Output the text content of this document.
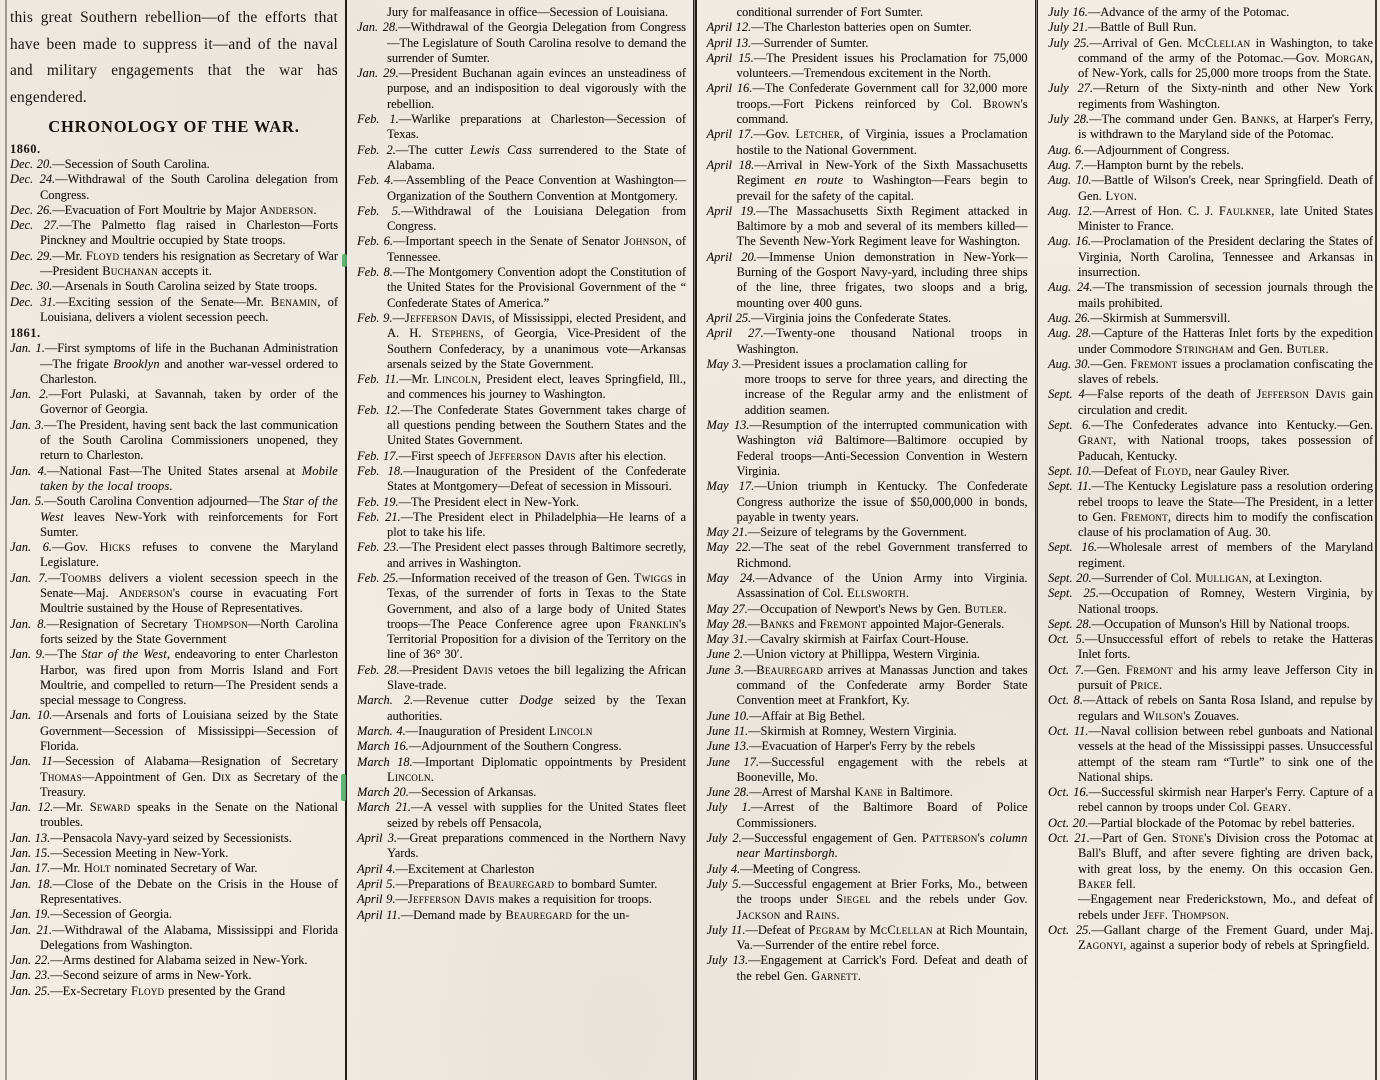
this great Southern rebellion—of the efforts that have been made to suppress it—and of the naval and military engagements that the war has engendered.

CHRONOLOGY OF THE WAR.

1860.

Dec. 20.—Secession of South Carolina.

Dec. 24.—Withdrawal of the South Carolina delegation from Congress.

Dec. 26.—Evacuation of Fort Moultrie by Major Anderson.

Dec. 27.—The Palmetto flag raised in Charleston—Forts Pinckney and Moultrie occupied by State troops.

Dec. 29.—Mr. Floyd tenders his resignation as Secretary of War—President Buchanan accepts it.

Dec. 30.—Arsenals in South Carolina seized by State troops.

Dec. 31.—Exciting session of the Senate—Mr. Benamin, of Louisiana, delivers a violent secession peech.

1861.

Jan. 1.—First symptoms of life in the Buchanan Administration—The frigate Brooklyn and another war-vessel ordered to Charleston.

Jan. 2.—Fort Pulaski, at Savannah, taken by order of the Governor of Georgia.

Jan. 3.—The President, having sent back the last communication of the South Carolina Commissioners unopened, they return to Charleston.

Jan. 4.—National Fast—The United States arsenal at Mobile taken by the local troops.

Jan. 5.—South Carolina Convention adjourned—The Star of the West leaves New-York with reinforcements for Fort Sumter.

Jan. 6.—Gov. Hicks refuses to convene the Maryland Legislature.

Jan. 7.—Toombs delivers a violent secession speech in the Senate—Maj. Anderson's course in evacuating Fort Moultrie sustained by the House of Representatives.

Jan. 8.—Resignation of Secretary Thompson—North Carolina forts seized by the State Government

Jan. 9.—The Star of the West, endeavoring to enter Charleston Harbor, was fired upon from Morris Island and Fort Moultrie, and compelled to return—The President sends a special message to Congress.

Jan. 10.—Arsenals and forts of Louisiana seized by the State Government—Secession of Mississippi—Secession of Florida.

Jan. 11—Secession of Alabama—Resignation of Secretary Thomas—Appointment of Gen. Dix as Secretary of the Treasury.

Jan. 12.—Mr. Seward speaks in the Senate on the National troubles.

Jan. 13.—Pensacola Navy-yard seized by Secessionists.

Jan. 15.—Secession Meeting in New-York.

Jan. 17.—Mr. Holt nominated Secretary of War.

Jan. 18.—Close of the Debate on the Crisis in the House of Representatives.

Jan. 19.—Secession of Georgia.

Jan. 21.—Withdrawal of the Alabama, Mississippi and Florida Delegations from Washington.

Jan. 22.—Arms destined for Alabama seized in New-York.

Jan. 23.—Second seizure of arms in New-York.

Jan. 25.—Ex-Secretary Floyd presented by the Grand

Jury for malfeasance in office—Secession of Louisiana.

Jan. 28.—Withdrawal of the Georgia Delegation from Congress—The Legislature of South Carolina resolve to demand the surrender of Sumter.

Jan. 29.—President Buchanan again evinces an unsteadiness of purpose, and an indisposition to deal vigorously with the rebellion.

Feb. 1.—Warlike preparations at Charleston—Secession of Texas.

Feb. 2.—The cutter Lewis Cass surrendered to the State of Alabama.

Feb. 4.—Assembling of the Peace Convention at Washington—Organization of the Southern Convention at Montgomery.

Feb. 5.—Withdrawal of the Louisiana Delegation from Congress.

Feb. 6.—Important speech in the Senate of Senator Johnson, of Tennessee.

Feb. 8.—The Montgomery Convention adopt the Constitution of the United States for the Provisional Government of the “ Confederate States of America.”

Feb. 9.—Jefferson Davis, of Mississippi, elected President, and A. H. Stephens, of Georgia, Vice-President of the Southern Confederacy, by a unanimous vote—Arkansas arsenals seized by the State Government.

Feb. 11.—Mr. Lincoln, President elect, leaves Springfield, Ill., and commences his journey to Washington.

Feb. 12.—The Confederate States Government takes charge of all questions pending between the Southern States and the United States Government.

Feb. 17.—First speech of Jefferson Davis after his election.

Feb. 18.—Inauguration of the President of the Confederate States at Montgomery—Defeat of secession in Missouri.

Feb. 19.—The President elect in New-York.

Feb. 21.—The President elect in Philadelphia—He learns of a plot to take his life.

Feb. 23.—The President elect passes through Baltimore secretly, and arrives in Washington.

Feb. 25.—Information received of the treason of Gen. Twiggs in Texas, of the surrender of forts in Texas to the State Government, and also of a large body of United States troops—The Peace Conference agree upon Franklin's Territorial Proposition for a division of the Territory on the line of 36° 30′.

Feb. 28.—President Davis vetoes the bill legalizing the African Slave-trade.

March. 2.—Revenue cutter Dodge seized by the Texan authorities.

March. 4.—Inauguration of President Lincoln

March 16.—Adjournment of the Southern Congress.

March 18.—Important Diplomatic oppointments by President Lincoln.

March 20.—Secession of Arkansas.

March 21.—A vessel with supplies for the United States fleet seized by rebels off Pensacola,

April 3.—Great preparations commenced in the Northern Navy Yards.

April 4.—Excitement at Charleston

April 5.—Preparations of Beauregard to bombard Sumter.

April 9.—Jefferson Davis makes a requisition for troops.

April 11.—Demand made by Beauregard for the un-

conditional surrender of Fort Sumter.

April 12.—The Charleston batteries open on Sumter.

April 13.—Surrender of Sumter.

April 15.—The President issues his Proclamation for 75,000 volunteers.—Tremendous excitement in the North.

April 16.—The Confederate Government call for 32,000 more troops.—Fort Pickens reinforced by Col. Brown's command.

April 17.—Gov. Letcher, of Virginia, issues a Proclamation hostile to the National Government.

April 18.—Arrival in New-York of the Sixth Massachusetts Regiment en route to Washington—Fears begin to prevail for the safety of the capital.

April 19.—The Massachusetts Sixth Regiment attacked in Baltimore by a mob and several of its members killed—The Seventh New-York Regiment leave for Washington.

April 20.—Immense Union demonstration in New-York—Burning of the Gosport Navy-yard, including three ships of the line, three frigates, two sloops and a brig, mounting over 400 guns.

April 25.—Virginia joins the Confederate States.

April 27.—Twenty-one thousand National troops in Washington.

May 3.—President issues a proclamation calling for

more troops to serve for three years, and directing the increase of the Regular army and the enlistment of addition seamen.

May 13.—Resumption of the interrupted communication with Washington viâ Baltimore—Baltimore occupied by Federal troops—Anti-Secession Convention in Western Virginia.

May 17.—Union triumph in Kentucky. The Confederate Congress authorize the issue of $50,000,000 in bonds, payable in twenty years.

May 21.—Seizure of telegrams by the Government.

May 22.—The seat of the rebel Government transferred to Richmond.

May 24.—Advance of the Union Army into Virginia. Assassination of Col. Ellsworth.

May 27.—Occupation of Newport's News by Gen. Butler.

May 28.—Banks and Fremont appointed Major-Generals.

May 31.—Cavalry skirmish at Fairfax Court-House.

June 2.—Union victory at Phillippa, Western Virginia.

June 3.—Beauregard arrives at Manassas Junction and takes command of the Confederate army Border State Convention meet at Frankfort, Ky.

June 10.—Affair at Big Bethel.

June 11.—Skirmish at Romney, Western Virginia.

June 13.—Evacuation of Harper's Ferry by the rebels

June 17.—Successful engagement with the rebels at Booneville, Mo.

June 28.—Arrest of Marshal Kane in Baltimore.

July 1.—Arrest of the Baltimore Board of Police Commissioners.

July 2.—Successful engagement of Gen. Patterson's column near Martinsborgh.

July 4.—Meeting of Congress.

July 5.—Successful engagement at Brier Forks, Mo., between the troops under Siegel and the rebels under Gov. Jackson and Rains.

July 11.—Defeat of Pegram by McClellan at Rich Mountain, Va.—Surrender of the entire rebel force.

July 13.—Engagement at Carrick's Ford. Defeat and death of the rebel Gen. Garnett.

July 16.—Advance of the army of the Potomac.

July 21.—Battle of Bull Run.

July 25.—Arrival of Gen. McClellan in Washington, to take command of the army of the Potomac.—Gov. Morgan, of New-York, calls for 25,000 more troops from the State.

July 27.—Return of the Sixty-ninth and other New York regiments from Washington.

July 28.—The command under Gen. Banks, at Harper's Ferry, is withdrawn to the Maryland side of the Potomac.

Aug. 6.—Adjournment of Congress.

Aug. 7.—Hampton burnt by the rebels.

Aug. 10.—Battle of Wilson's Creek, near Springfield. Death of Gen. Lyon.

Aug. 12.—Arrest of Hon. C. J. Faulkner, late United States Minister to France.

Aug. 16.—Proclamation of the President declaring the States of Virginia, North Carolina, Tennessee and Arkansas in insurrection.

Aug. 24.—The transmission of secession journals through the mails prohibited.

Aug. 26.—Skirmish at Summersvill.

Aug. 28.—Capture of the Hatteras Inlet forts by the expedition under Commodore Stringham and Gen. Butler.

Aug. 30.—Gen. Fremont issues a proclamation confiscating the slaves of rebels.

Sept. 4—False reports of the death of Jefferson Davis gain circulation and credit.

Sept. 6.—The Confederates advance into Kentucky.—Gen. Grant, with National troops, takes possession of Paducah, Kentucky.

Sept. 10.—Defeat of Floyd, near Gauley River.

Sept. 11.—The Kentucky Legislature pass a resolution ordering rebel troops to leave the State—The President, in a letter to Gen. Fremont, directs him to modify the confiscation clause of his proclamation of Aug. 30.

Sept. 16.—Wholesale arrest of members of the Maryland regiment.

Sept. 20.—Surrender of Col. Mulligan, at Lexington.

Sept. 25.—Occupation of Romney, Western Virginia, by National troops.

Sept. 28.—Occupation of Munson's Hill by National troops.

Oct. 5.—Unsuccessful effort of rebels to retake the Hatteras Inlet forts.

Oct. 7.—Gen. Fremont and his army leave Jefferson City in pursuit of Price.

Oct. 8.—Attack of rebels on Santa Rosa Island, and repulse by regulars and Wilson's Zouaves.

Oct. 11.—Naval collision between rebel gunboats and National vessels at the head of the Mississippi passes. Unsuccessful attempt of the steam ram “Turtle” to sink one of the National ships.

Oct. 16.—Successful skirmish near Harper's Ferry. Capture of a rebel cannon by troops under Col. Geary.

Oct. 20.—Partial blockade of the Potomac by rebel batteries.

Oct. 21.—Part of Gen. Stone's Division cross the Potomac at Ball's Bluff, and after severe fighting are driven back, with great loss, by the enemy. On this occasion Gen. Baker fell.

—Engagement near Frederickstown, Mo., and defeat of rebels under Jeff. Thompson.

Oct. 25.—Gallant charge of the Frement Guard, under Maj. Zagonyi, against a superior body of rebels at Springfield.
